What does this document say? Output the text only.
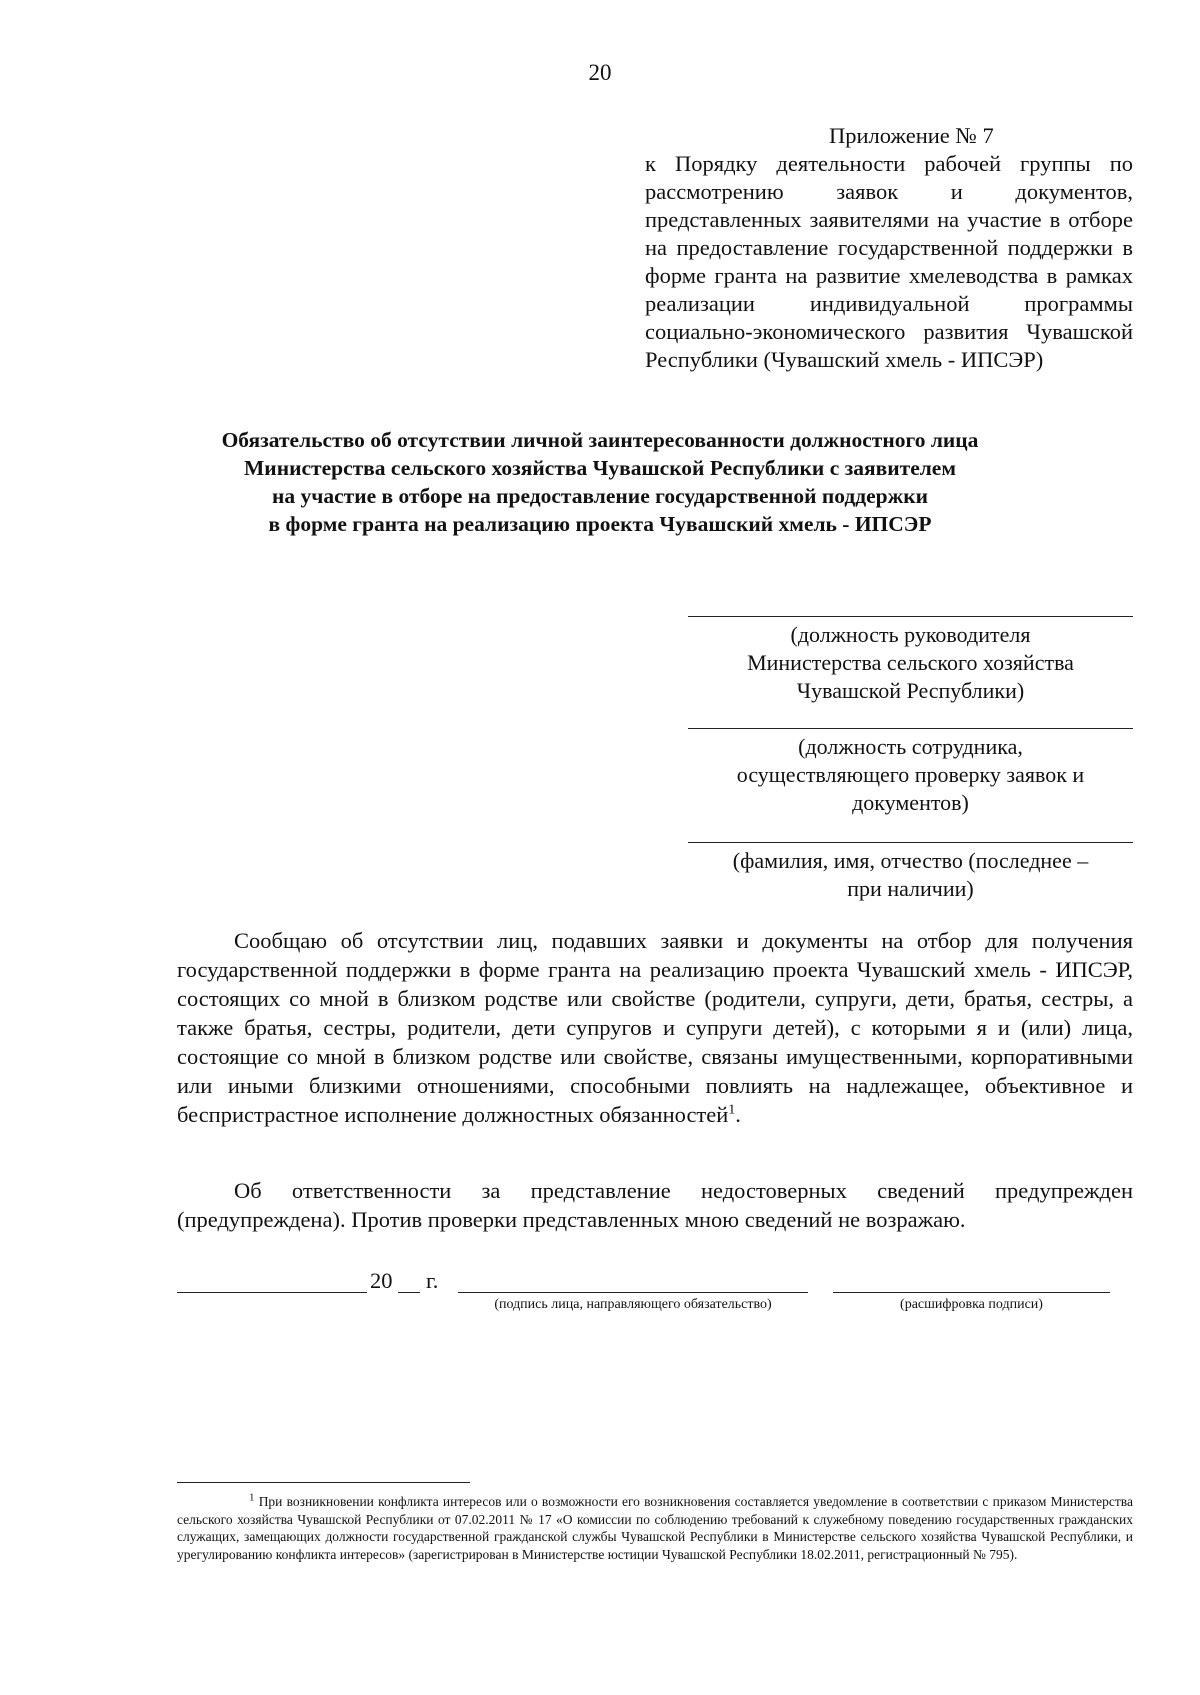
20
Приложение № 7
к Порядку деятельности рабочей группы по рассмотрению заявок и документов, представленных заявителями на участие в отборе на предоставление государственной поддержки в форме гранта на развитие хмелеводства в рамках реализации индивидуальной программы социально-экономического развития Чувашской Республики (Чувашский хмель - ИПСЭР)
Обязательство об отсутствии личной заинтересованности должностного лица
Министерства сельского хозяйства Чувашской Республики с заявителем
на участие в отборе на предоставление государственной поддержки
в форме гранта на реализацию проекта Чувашский хмель - ИПСЭР
(должность руководителя
Министерства сельского хозяйства
Чувашской Республики)
(должность сотрудника,
осуществляющего проверку заявок и
документов)
(фамилия, имя, отчество (последнее –
при наличии)
Сообщаю об отсутствии лиц, подавших заявки и документы на отбор для получения государственной поддержки в форме гранта на реализацию проекта Чувашский хмель - ИПСЭР, состоящих со мной в близком родстве или свойстве (родители, супруги, дети, братья, сестры, а также братья, сестры, родители, дети супругов и супруги детей), с которыми я и (или) лица, состоящие со мной в близком родстве или свойстве, связаны имущественными, корпоративными или иными близкими отношениями, способными повлиять на надлежащее, объективное и беспристрастное исполнение должностных обязанностей$^1$.
Об ответственности за представление недостоверных сведений предупрежден (предупреждена). Против проверки представленных мною сведений не возражаю.
20 г.
(подпись лица, направляющего обязательство)	(расшифровка подписи)
$^1$ При возникновении конфликта интересов или о возможности его возникновения составляется уведомление в соответствии с приказом Министерства сельского хозяйства Чувашской Республики от 07.02.2011 № 17 «О комиссии по соблюдению требований к служебному поведению государственных гражданских служащих, замещающих должности государственной гражданской службы Чувашской Республики в Министерстве сельского хозяйства Чувашской Республики, и урегулированию конфликта интересов» (зарегистрирован в Министерстве юстиции Чувашской Республики 18.02.2011, регистрационный № 795).
